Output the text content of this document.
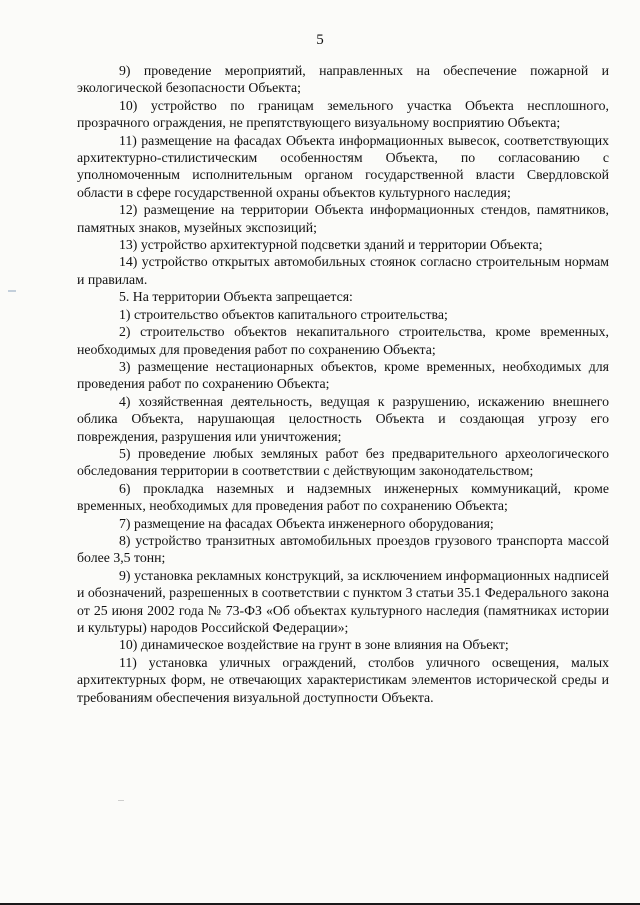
5

9) проведение мероприятий, направленных на обеспечение пожарной и экологической безопасности Объекта;

10) устройство по границам земельного участка Объекта несплошного, прозрачного ограждения, не препятствующего визуальному восприятию Объекта;

11) размещение на фасадах Объекта информационных вывесок, соответствующих архитектурно-стилистическим особенностям Объекта, по согласованию с уполномоченным исполнительным органом государственной власти Свердловской области в сфере государственной охраны объектов культурного наследия;

12) размещение на территории Объекта информационных стендов, памятников, памятных знаков, музейных экспозиций;

13) устройство архитектурной подсветки зданий и территории Объекта;

14) устройство открытых автомобильных стоянок согласно строительным нормам и правилам.

5. На территории Объекта запрещается:

1) строительство объектов капитального строительства;

2) строительство объектов некапитального строительства, кроме временных, необходимых для проведения работ по сохранению Объекта;

3) размещение нестационарных объектов, кроме временных, необходимых для проведения работ по сохранению Объекта;

4) хозяйственная деятельность, ведущая к разрушению, искажению внешнего облика Объекта, нарушающая целостность Объекта и создающая угрозу его повреждения, разрушения или уничтожения;

5) проведение любых земляных работ без предварительного археологического обследования территории в соответствии с действующим законодательством;

6) прокладка наземных и надземных инженерных коммуникаций, кроме временных, необходимых для проведения работ по сохранению Объекта;

7) размещение на фасадах Объекта инженерного оборудования;

8) устройство транзитных автомобильных проездов грузового транспорта массой более 3,5 тонн;

9) установка рекламных конструкций, за исключением информационных надписей и обозначений, разрешенных в соответствии с пунктом 3 статьи 35.1 Федерального закона от 25 июня 2002 года № 73-ФЗ «Об объектах культурного наследия (памятниках истории и культуры) народов Российской Федерации»;

10) динамическое воздействие на грунт в зоне влияния на Объект;

11) установка уличных ограждений, столбов уличного освещения, малых архитектурных форм, не отвечающих характеристикам элементов исторической среды и требованиям обеспечения визуальной доступности Объекта.
